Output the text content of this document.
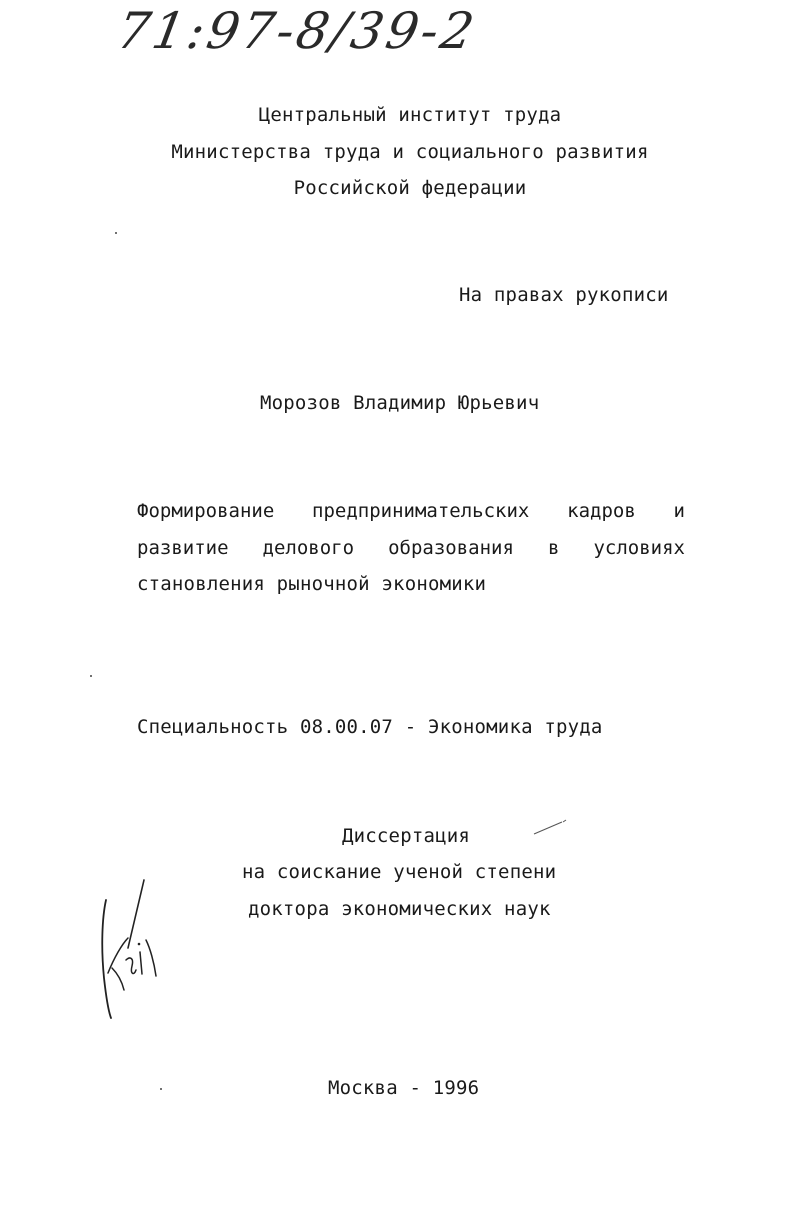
71:97-8/39-2
Центральный институт труда
Министерства труда и социального развития
Российской федерации
На правах рукописи
Морозов Владимир Юрьевич
Формирование предпринимательских кадров и
развитие делового образования в условиях
становления рыночной экономики
Специальность 08.00.07 - Экономика труда
Диссертация
на соискание ученой степени
доктора экономических наук
Москва - 1996
